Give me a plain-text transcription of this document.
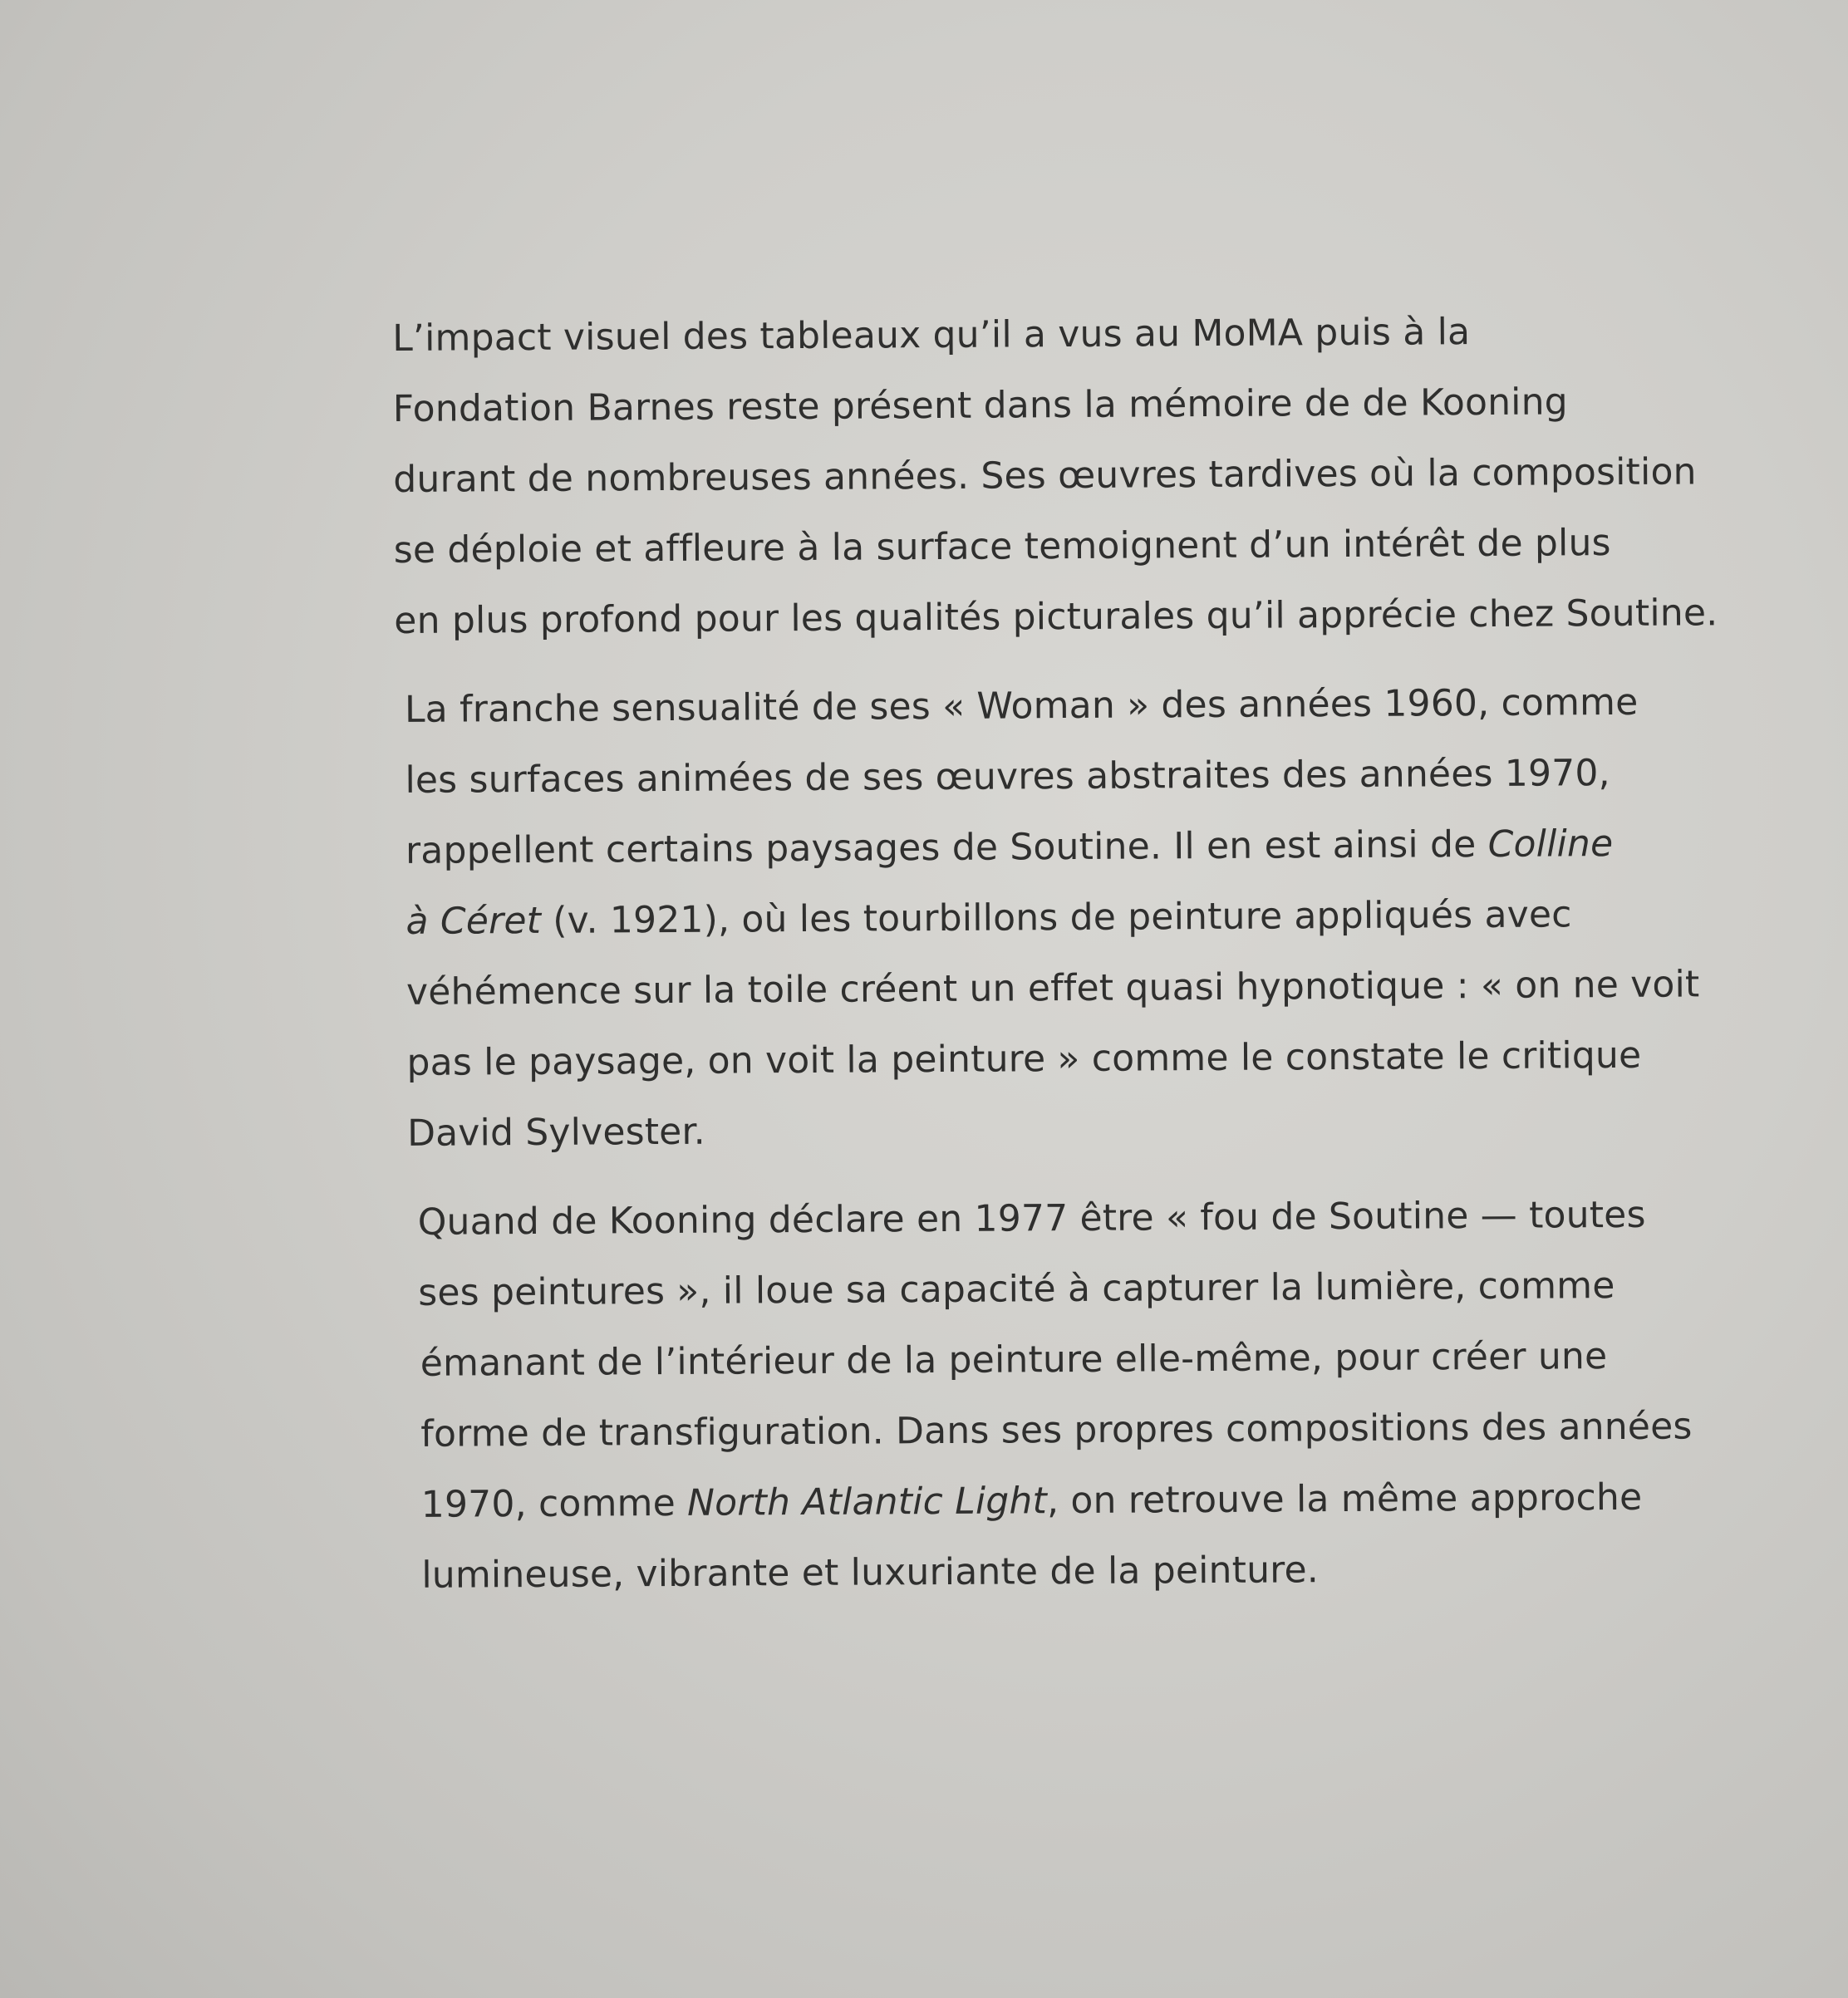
L’impact visuel des tableaux qu’il a vus au MoMA puis à la
Fondation Barnes reste présent dans la mémoire de de Kooning
durant de nombreuses années. Ses œuvres tardives où la composition
se déploie et affleure à la surface temoignent d’un intérêt de plus
en plus profond pour les qualités picturales qu’il apprécie chez Soutine.
La franche sensualité de ses « Woman » des années 1960, comme
les surfaces animées de ses œuvres abstraites des années 1970,
rappellent certains paysages de Soutine. Il en est ainsi de Colline
à Céret (v. 1921), où les tourbillons de peinture appliqués avec
véhémence sur la toile créent un effet quasi hypnotique : « on ne voit
pas le paysage, on voit la peinture » comme le constate le critique
David Sylvester.
Quand de Kooning déclare en 1977 être « fou de Soutine — toutes
ses peintures », il loue sa capacité à capturer la lumière, comme
émanant de l’intérieur de la peinture elle-même, pour créer une
forme de transfiguration. Dans ses propres compositions des années
1970, comme North Atlantic Light, on retrouve la même approche
lumineuse, vibrante et luxuriante de la peinture.
